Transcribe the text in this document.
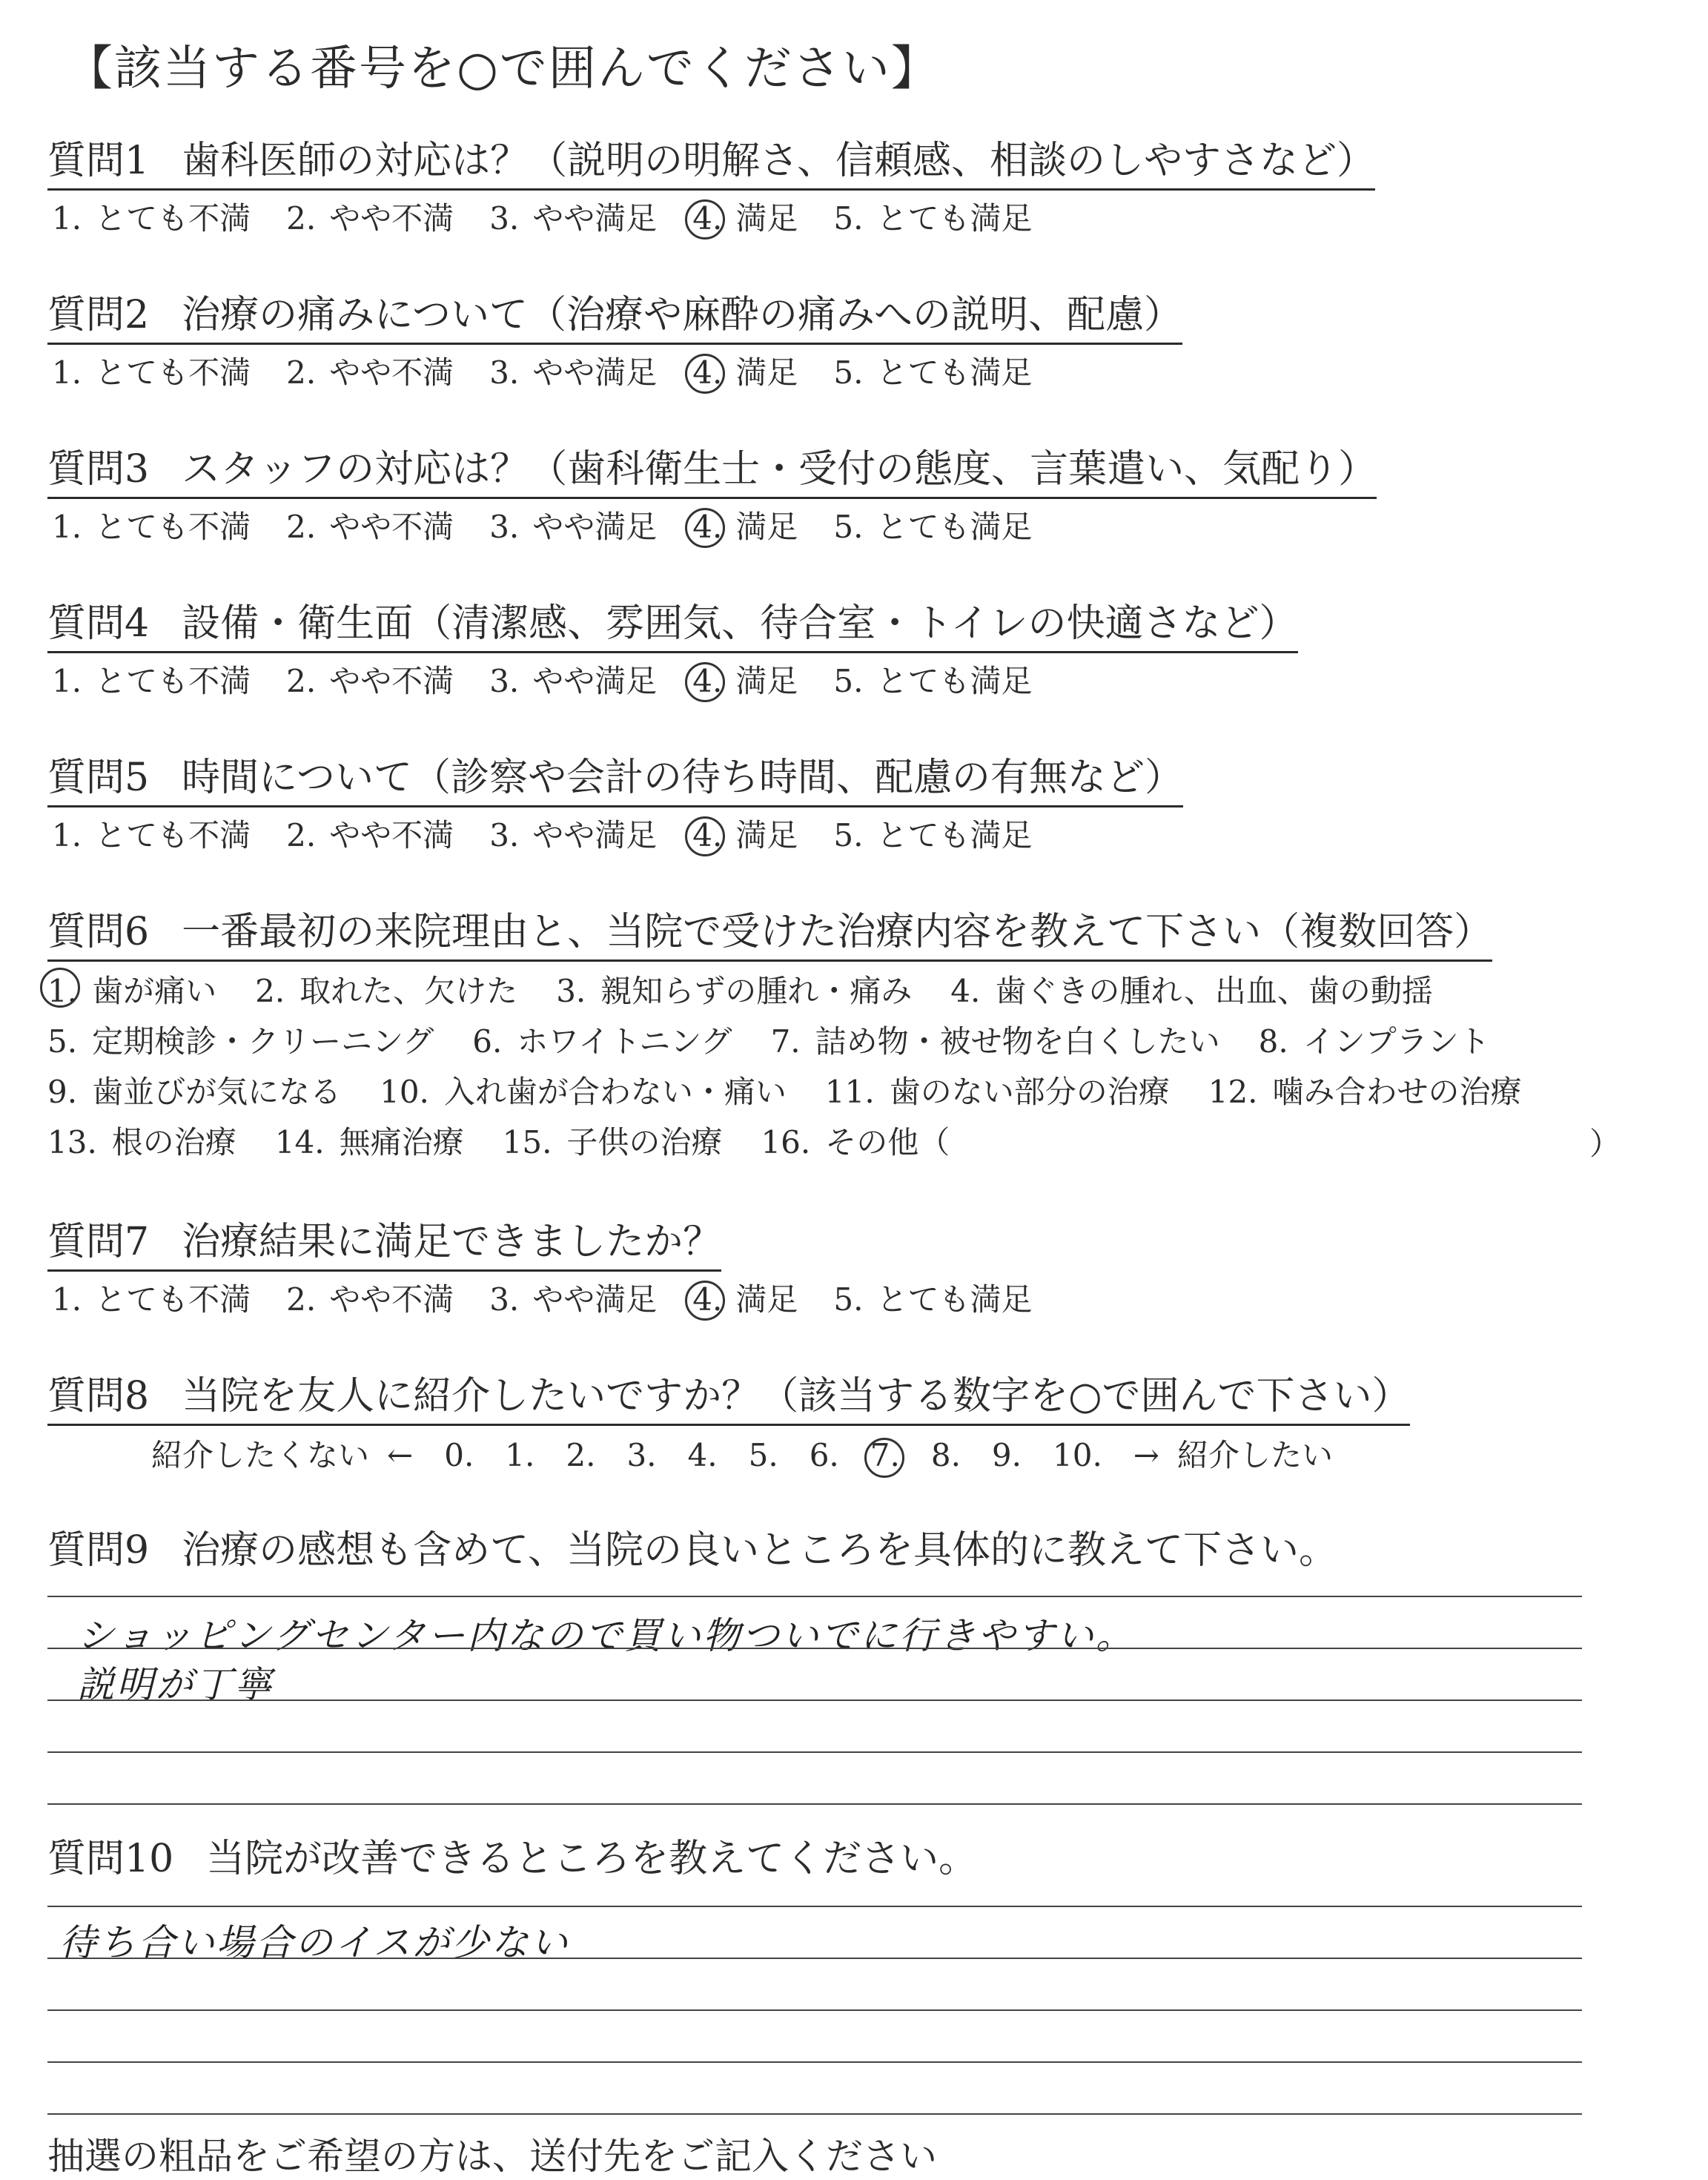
【該当する番号を○で囲んでください】
質問1 歯科医師の対応は？（説明の明解さ、信頼感、相談のしやすさなど）
1. とても不満 2. やや不満 3. やや満足 4. 満足 5. とても満足
質問2 治療の痛みについて（治療や麻酔の痛みへの説明、配慮）
1. とても不満 2. やや不満 3. やや満足 4. 満足 5. とても満足
質問3 スタッフの対応は？（歯科衛生士・受付の態度、言葉遣い、気配り）
1. とても不満 2. やや不満 3. やや満足 4. 満足 5. とても満足
質問4 設備・衛生面（清潔感、雰囲気、待合室・トイレの快適さなど）
1. とても不満 2. やや不満 3. やや満足 4. 満足 5. とても満足
質問5 時間について（診察や会計の待ち時間、配慮の有無など）
1. とても不満 2. やや不満 3. やや満足 4. 満足 5. とても満足
質問6 一番最初の来院理由と、当院で受けた治療内容を教えて下さい（複数回答）
1. 歯が痛い 2. 取れた、欠けた 3. 親知らずの腫れ・痛み 4. 歯ぐきの腫れ、出血、歯の動揺
5. 定期検診・クリーニング 6. ホワイトニング 7. 詰め物・被せ物を白くしたい 8. インプラント
9. 歯並びが気になる 10. 入れ歯が合わない・痛い 11. 歯のない部分の治療 12. 噛み合わせの治療
13. 根の治療 14. 無痛治療 15. 子供の治療 16. その他（	）
質問7 治療結果に満足できましたか？
1. とても不満 2. やや不満 3. やや満足 4. 満足 5. とても満足
質問8 当院を友人に紹介したいですか？（該当する数字を○で囲んで下さい）
紹介したくない ← 0. 1. 2. 3. 4. 5. 6. 7. 8. 9. 10. → 紹介したい
質問9 治療の感想も含めて、当院の良いところを具体的に教えて下さい。
ショッピングセンター内なので買い物ついでに行きやすい。
説明が丁寧
質問10 当院が改善できるところを教えてください。
待ち合い場合のイスが少ない
抽選の粗品をご希望の方は、送付先をご記入ください
